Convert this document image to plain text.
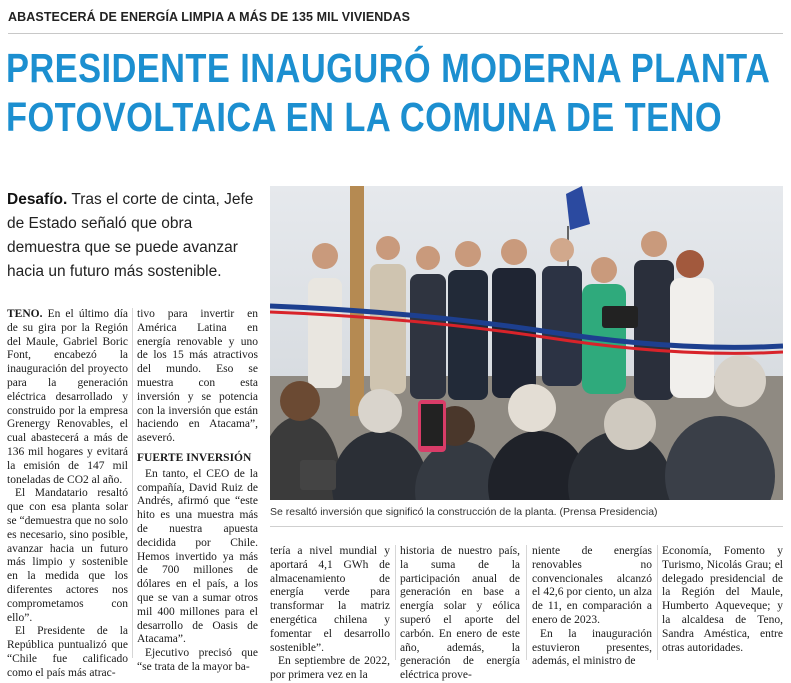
ABASTECERÁ DE ENERGÍA LIMPIA A MÁS DE 135 MIL VIVIENDAS
PRESIDENTE INAUGURÓ MODERNA PLANTA
FOTOVOLTAICA EN LA COMUNA DE TENO
Desafío. Tras el corte de cinta, Jefe de Estado señaló que obra demuestra que se puede avanzar hacia un futuro más sostenible.

TENO. En el último día de su gira por la Región del Maule, Gabriel Boric Font, encabezó la inauguración del proyecto para la generación eléctrica desarrollado y construido por la empresa Grenergy Renovables, el cual abastecerá a más de 136 mil hogares y evitará la emisión de 147 mil toneladas de CO2 al año.

El Mandatario resaltó que con esa planta solar se “demuestra que no solo es necesario, sino posible, avanzar hacia un futuro más limpio y sostenible en la medida que los diferentes actores nos comprometamos con ello”.

El Presidente de la República puntualizó que “Chile fue calificado como el país más atrac-

tivo para invertir en América Latina en energía renovable y uno de los 15 más atractivos del mundo. Eso se muestra con esta inversión y se potencia con la inversión que están haciendo en Atacama”, aseveró.

FUERTE INVERSIÓN

En tanto, el CEO de la compañía, David Ruiz de Andrés, afirmó que “este hito es una muestra más de nuestra apuesta decidida por Chile. Hemos invertido ya más de 700 millones de dólares en el país, a los que se van a sumar otros mil 400 millones para el desarrollo de Oasis de Atacama”.

Ejecutivo precisó que “se trata de la mayor ba-

Se resaltó inversión que significó la construcción de la planta. (Prensa Presidencia)

tería a nivel mundial y aportará 4,1 GWh de almacenamiento de energía verde para transformar la matriz energética chilena y fomentar el desarrollo sostenible”.

En septiembre de 2022, por primera vez en la

historia de nuestro país, la suma de la participación anual de generación en base a energía solar y eólica superó el aporte del carbón. En enero de este año, además, la generación de energía eléctrica prove-

niente de energías renovables no convencionales alcanzó el 42,6 por ciento, un alza de 11, en comparación a enero de 2023.

En la inauguración estuvieron presentes, además, el ministro de

Economía, Fomento y Turismo, Nicolás Grau; el delegado presidencial de la Región del Maule, Humberto Aqueveque; y la alcaldesa de Teno, Sandra Améstica, entre otras autoridades.
